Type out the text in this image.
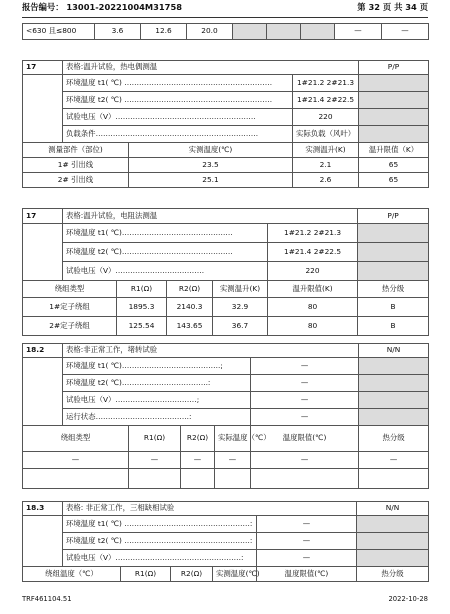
报告编号： 13001-20221004M31758	第 32 页 共 34 页
<630 且≤800	3.6	12.6	20.0				—	—
17	表格:温升试验，热电偶测温			P/P
	环境温度 t1( ℃) ……………………………………………………		1#21.2 2#21.3	
	环境温度 t2( ℃) ……………………………………………………		1#21.4 2#22.5	
	试验电压（V）…………………………………………………		220	
	负载条件…………………………………………………………		实际负载（风叶）	
测量部件（部位)		实测温度(℃)	实测温升(K)	温升限值（K）
1# 引出线		23.5	2.1	65
2# 引出线		25.1	2.6	65
17	表格:温升试验，电阻法测温					P/P
	环境温度 t1( ℃)………………………………………				1#21.2 2#21.3	
	环境温度 t2( ℃)………………………………………				1#21.4 2#22.5	
	试验电压（V）………………………………				220	
绕组类型		R1(Ω)	R2(Ω)	实测温升(K)	温升限值(K)	热分级
1#定子绕组		1895.3	2140.3	32.9	80	B
2#定子绕组		125.54	143.65	36.7	80	B
18.2	表格:非正常工作，堵转试验					N/N
	环境温度 t1( ℃)………………………………….;				—	
	环境温度 t2( ℃)……………………………..:				—	
	试验电压（V）……………………………;				—	
	运行状态………………………………..:				—	
绕组类型		R1(Ω)	R2(Ω)	实际温度（℃）	温度限值(℃)	热分级
—		—	—	—	—	—

18.3	表格: 非正常工作，三相缺相试验					N/N
	环境温度 t1( ℃) ……………………………………………:				—	
	环境温度 t2( ℃) ……………………………………………:				—	
	试验电压（V）……………………………………………:				—	
绕组温度（℃）		R1(Ω)	R2(Ω)	实测温度(℃)	温度限值(℃)	热分级
TRF461104.51	2022-10-28
